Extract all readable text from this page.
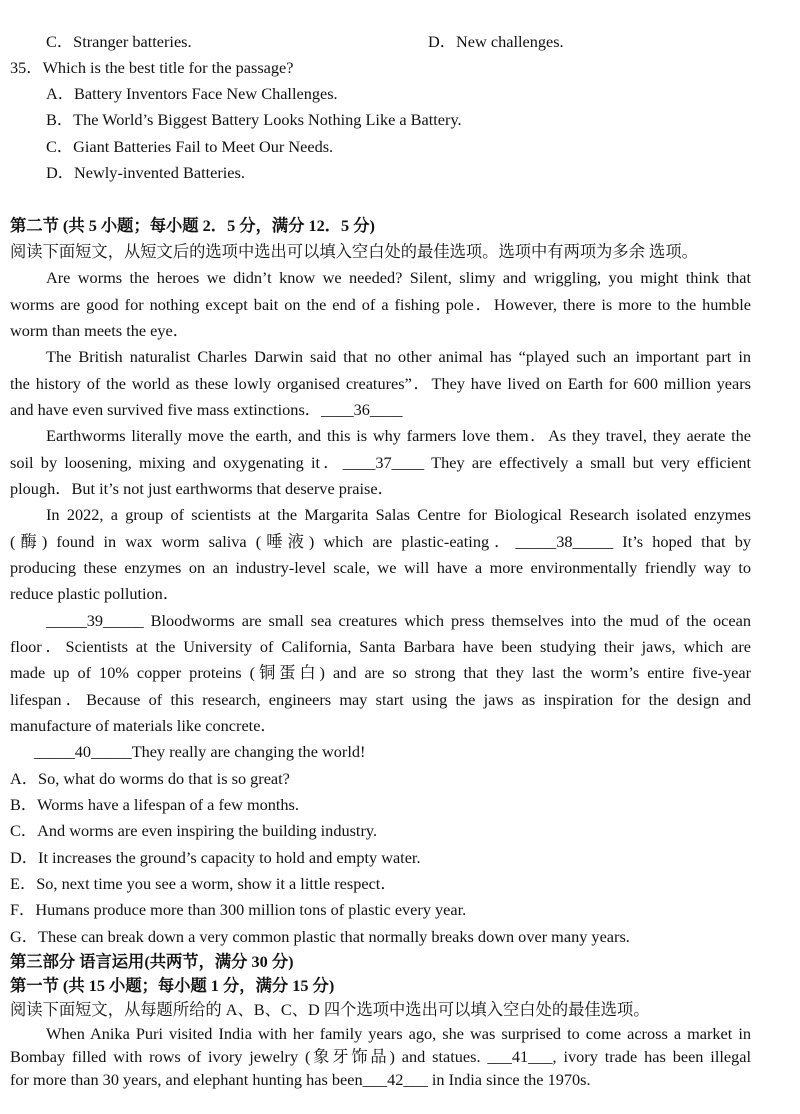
C．Stranger batteries.	D．New challenges.
35．Which is the best title for the passage?
A．Battery Inventors Face New Challenges.
B．The World’s Biggest Battery Looks Nothing Like a Battery.
C．Giant Batteries Fail to Meet Our Needs.
D．Newly-invented Batteries.
第二节 (共 5 小题；每小题 2．5 分，满分 12．5 分)
阅读下面短文，从短文后的选项中选出可以填入空白处的最佳选项。选项中有两项为多余 选项。
Are worms the heroes we didn’t know we needed? Silent, slimy and wriggling, you might think that
worms are good for nothing except bait on the end of a fishing pole．However, there is more to the humble
worm than meets the eye．
The British naturalist Charles Darwin said that no other animal has “played such an important part in
the history of the world as these lowly organised creatures”．They have lived on Earth for 600 million years
and have even survived five mass extinctions．____36____
Earthworms literally move the earth, and this is why farmers love them．As they travel, they aerate the
soil by loosening, mixing and oxygenating it．____37____ They are effectively a small but very efficient
plough．But it’s not just earthworms that deserve praise．
In 2022, a group of scientists at the Margarita Salas Centre for Biological Research isolated enzymes
(酶) found in wax worm saliva (唾液) which are plastic-eating．_____38_____ It’s hoped that by
producing these enzymes on an industry-level scale, we will have a more environmentally friendly way to
reduce plastic pollution．
_____39_____ Bloodworms are small sea creatures which press themselves into the mud of the ocean
floor．Scientists at the University of California, Santa Barbara have been studying their jaws, which are
made up of 10% copper proteins (铜蛋白) and are so strong that they last the worm’s entire five-year
lifespan．Because of this research, engineers may start using the jaws as inspiration for the design and
manufacture of materials like concrete．
_____40_____They really are changing the world!
A．So, what do worms do that is so great?
B．Worms have a lifespan of a few months.
C．And worms are even inspiring the building industry.
D．It increases the ground’s capacity to hold and empty water.
E．So, next time you see a worm, show it a little respect．
F．Humans produce more than 300 million tons of plastic every year.
G．These can break down a very common plastic that normally breaks down over many years.
第三部分 语言运用(共两节，满分 30 分)
第一节 (共 15 小题；每小题 1 分，满分 15 分)
阅读下面短文，从每题所给的 A、B、C、D 四个选项中选出可以填入空白处的最佳选项。
When Anika Puri visited India with her family years ago, she was surprised to come across a market in
Bombay filled with rows of ivory jewelry (象牙饰品) and statues. ___41___, ivory trade has been illegal
for more than 30 years, and elephant hunting has been___42___ in India since the 1970s.
